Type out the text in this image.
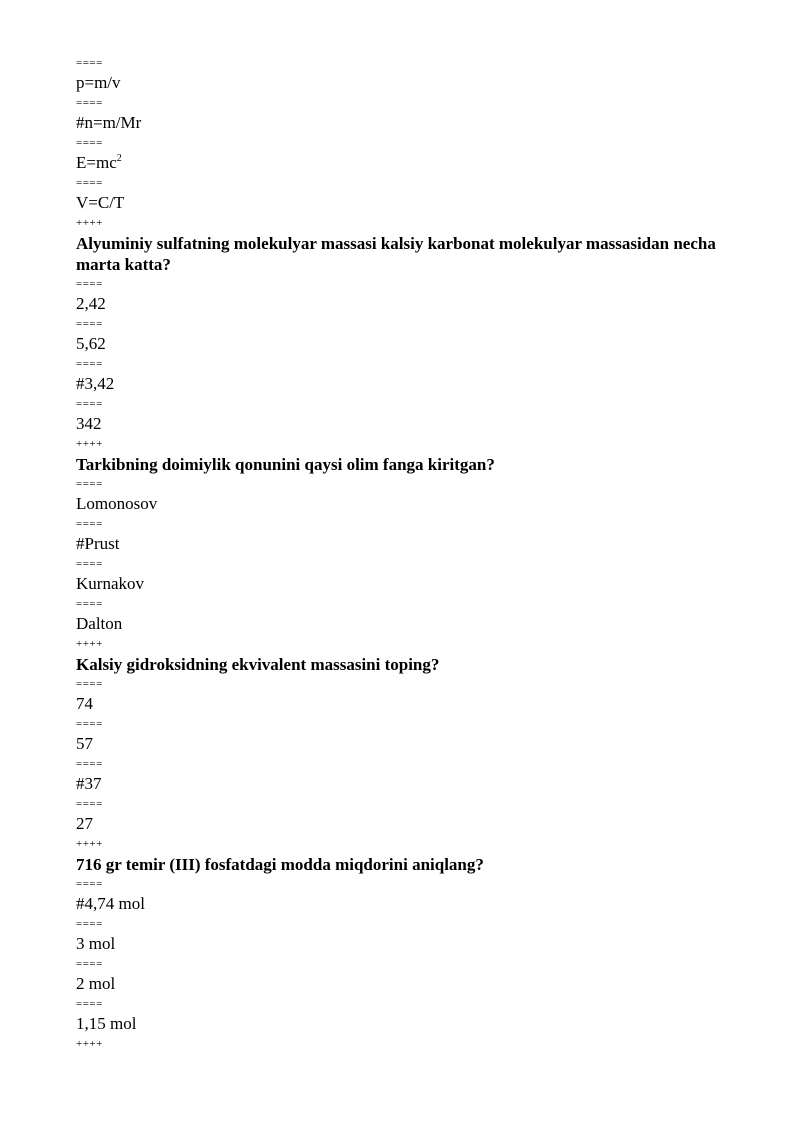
====
p=m/v
====
#n=m/Mr
====
$E=mc^2$
====
V=C/T
++++
Alyuminiy sulfatning molekulyar massasi kalsiy karbonat molekulyar massasidan necha marta katta?
====
2,42
====
5,62
====
#3,42
====
342
++++
Tarkibning doimiylik qonunini qaysi olim fanga kiritgan?
====
Lomonosov
====
#Prust
====
Kurnakov
====
Dalton
++++
Kalsiy gidroksidning ekvivalent massasini toping?
====
74
====
57
====
#37
====
27
++++
716 gr temir (III) fosfatdagi modda miqdorini aniqlang?
====
#4,74 mol
====
3 mol
====
2 mol
====
1,15 mol
++++
